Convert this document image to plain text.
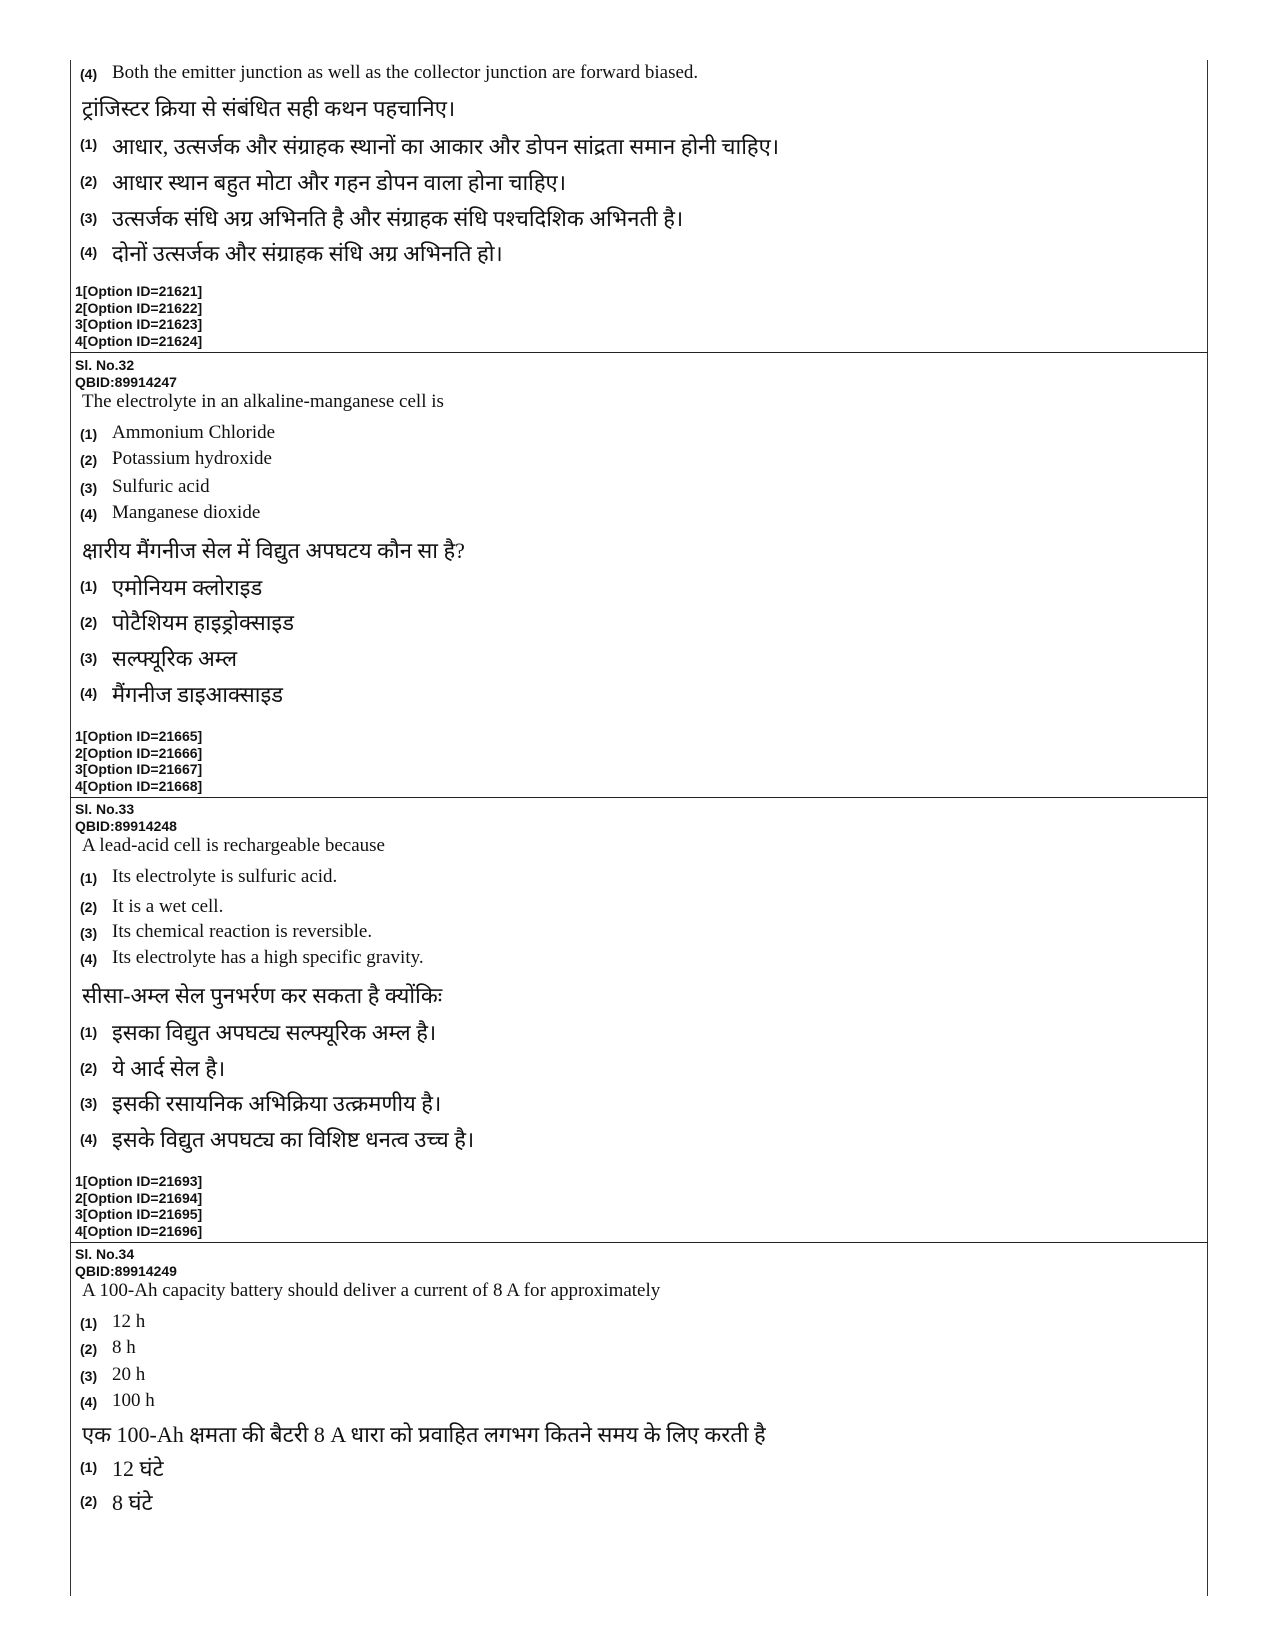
(4) Both the emitter junction as well as the collector junction are forward biased.
ट्रांजिस्टर क्रिया से संबंधित सही कथन पहचानिए।
(1) आधार, उत्सर्जक और संग्राहक स्थानों का आकार और डोपन सांद्रता समान होनी चाहिए।
(2) आधार स्थान बहुत मोटा और गहन डोपन वाला होना चाहिए।
(3) उत्सर्जक संधि अग्र अभिनति है और संग्राहक संधि पश्चदिशिक अभिनती है।
(4) दोनों उत्सर्जक और संग्राहक संधि अग्र अभिनति हो।
1[Option ID=21621]
2[Option ID=21622]
3[Option ID=21623]
4[Option ID=21624]
Sl. No.32
QBID:89914247
The electrolyte in an alkaline-manganese cell is
(1) Ammonium Chloride
(2) Potassium hydroxide
(3) Sulfuric acid
(4) Manganese dioxide
क्षारीय मैंगनीज सेल में विद्युत अपघटय कौन सा है?
(1) एमोनियम क्लोराइड
(2) पोटैशियम हाइड्रोक्साइड
(3) सल्फ्यूरिक अम्ल
(4) मैंगनीज डाइआक्साइड
1[Option ID=21665]
2[Option ID=21666]
3[Option ID=21667]
4[Option ID=21668]
Sl. No.33
QBID:89914248
A lead-acid cell is rechargeable because
(1) Its electrolyte is sulfuric acid.
(2) It is a wet cell.
(3) Its chemical reaction is reversible.
(4) Its electrolyte has a high specific gravity.
सीसा-अम्ल सेल पुनभर्रण कर सकता है क्योंकिः
(1) इसका विद्युत अपघट्य सल्फ्यूरिक अम्ल है।
(2) ये आर्द सेल है।
(3) इसकी रसायनिक अभिक्रिया उत्क्रमणीय है।
(4) इसके विद्युत अपघट्य का विशिष्ट धनत्व उच्च है।
1[Option ID=21693]
2[Option ID=21694]
3[Option ID=21695]
4[Option ID=21696]
Sl. No.34
QBID:89914249
A 100-Ah capacity battery should deliver a current of 8 A for approximately
(1) 12 h
(2) 8 h
(3) 20 h
(4) 100 h
एक 100-Ah क्षमता की बैटरी 8 A धारा को प्रवाहित लगभग कितने समय के लिए करती है
(1) 12 घंटे
(2) 8 घंटे
